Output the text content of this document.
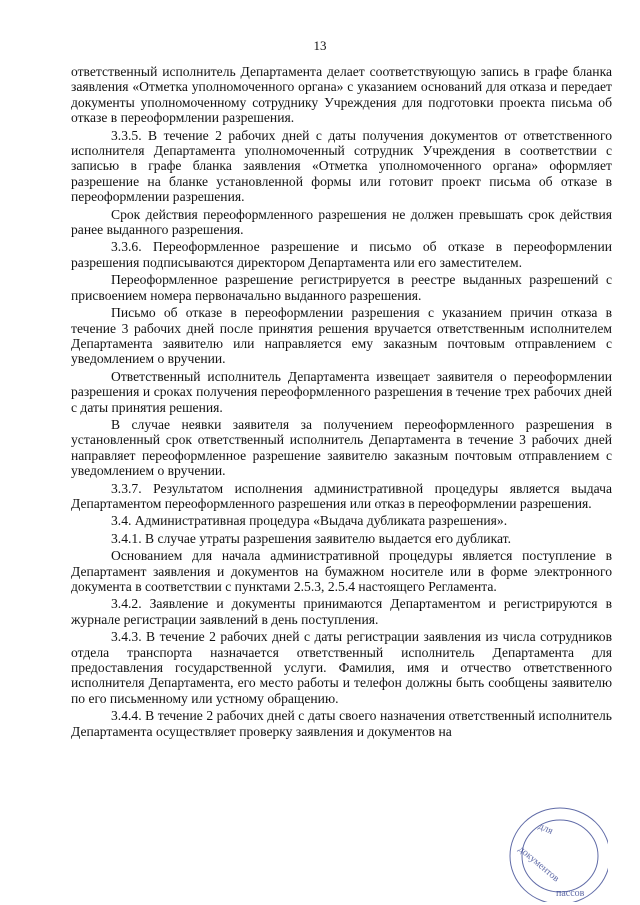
13

ответственный исполнитель Департамента делает соответствующую запись в графе бланка заявления «Отметка уполномоченного органа» с указанием оснований для отказа и передает документы уполномоченному сотруднику Учреждения для подготовки проекта письма об отказе в переоформлении разрешения.

3.3.5. В течение 2 рабочих дней с даты получения документов от ответственного исполнителя Департамента уполномоченный сотрудник Учреждения в соответствии с записью в графе бланка заявления «Отметка уполномоченного органа» оформляет разрешение на бланке установленной формы или готовит проект письма об отказе в переоформлении разрешения.

Срок действия переоформленного разрешения не должен превышать срок действия ранее выданного разрешения.

3.3.6. Переоформленное разрешение и письмо об отказе в переоформлении разрешения подписываются директором Департамента или его заместителем.

Переоформленное разрешение регистрируется в реестре выданных разрешений с присвоением номера первоначально выданного разрешения.

Письмо об отказе в переоформлении разрешения с указанием причин отказа в течение 3 рабочих дней после принятия решения вручается ответственным исполнителем Департамента заявителю или направляется ему заказным почтовым отправлением с уведомлением о вручении.

Ответственный исполнитель Департамента извещает заявителя о переоформлении разрешения и сроках получения переоформленного разрешения в течение трех рабочих дней с даты принятия решения.

В случае неявки заявителя за получением переоформленного разрешения в установленный срок ответственный исполнитель Департамента в течение 3 рабочих дней направляет переоформленное разрешение заявителю заказным почтовым отправлением с уведомлением о вручении.

3.3.7. Результатом исполнения административной процедуры является выдача Департаментом переоформленного разрешения или отказ в переоформлении разрешения.

3.4. Административная процедура «Выдача дубликата разрешения».

3.4.1. В случае утраты разрешения заявителю выдается его дубликат.

Основанием для начала административной процедуры является поступление в Департамент заявления и документов на бумажном носителе или в форме электронного документа в соответствии с пунктами 2.5.3, 2.5.4 настоящего Регламента.

3.4.2. Заявление и документы принимаются Департаментом и регистрируются в журнале регистрации заявлений в день поступления.

3.4.3. В течение 2 рабочих дней с даты регистрации заявления из числа сотрудников отдела транспорта назначается ответственный исполнитель Департамента для предоставления государственной услуги. Фамилия, имя и отчество ответственного исполнителя Департамента, его место работы и телефон должны быть сообщены заявителю по его письменному или устному обращению.

3.4.4. В течение 2 рабочих дней с даты своего назначения ответственный исполнитель Департамента осуществляет проверку заявления и документов на

для
документов
пассов
